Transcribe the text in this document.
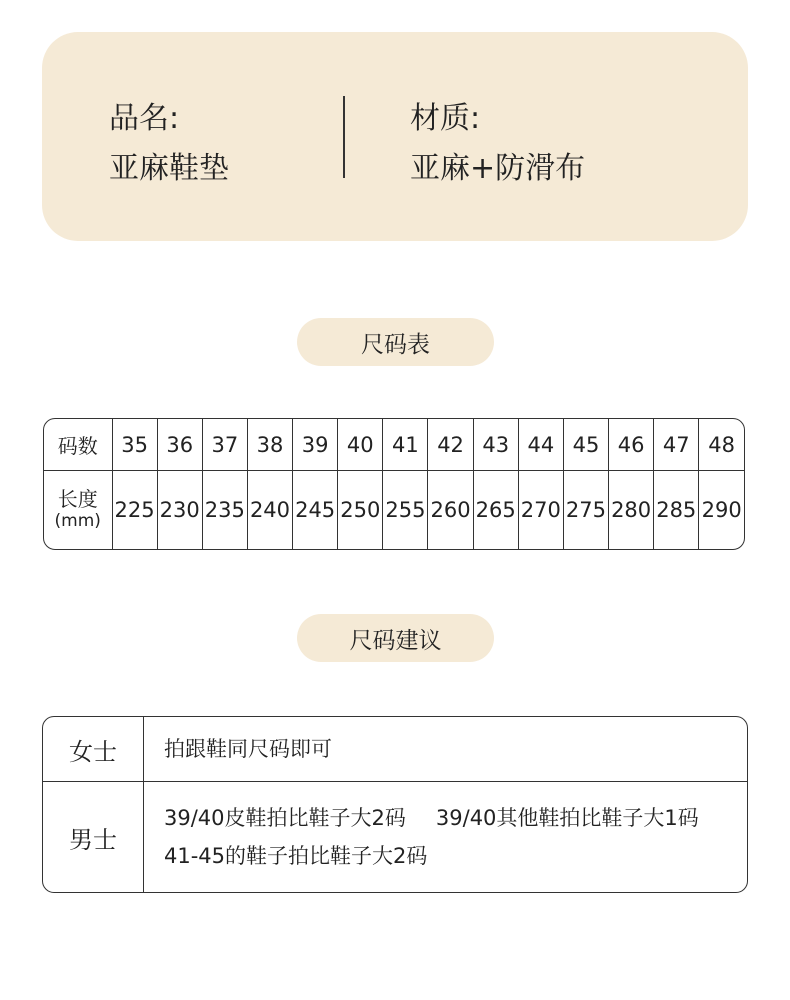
品名:
亚麻鞋垫
材质:
亚麻+防滑布
尺码表
码数	35	36	37	38	39	40	41	42	43	44	45	46	47	48

长度
(mm)	225	230	235	240	245	250	255	260	265	270	275	280	285	290
尺码建议
女士	拍跟鞋同尺码即可

男士	39/40皮鞋拍比鞋子大2码 39/40其他鞋拍比鞋子大1码
41-45的鞋子拍比鞋子大2码
